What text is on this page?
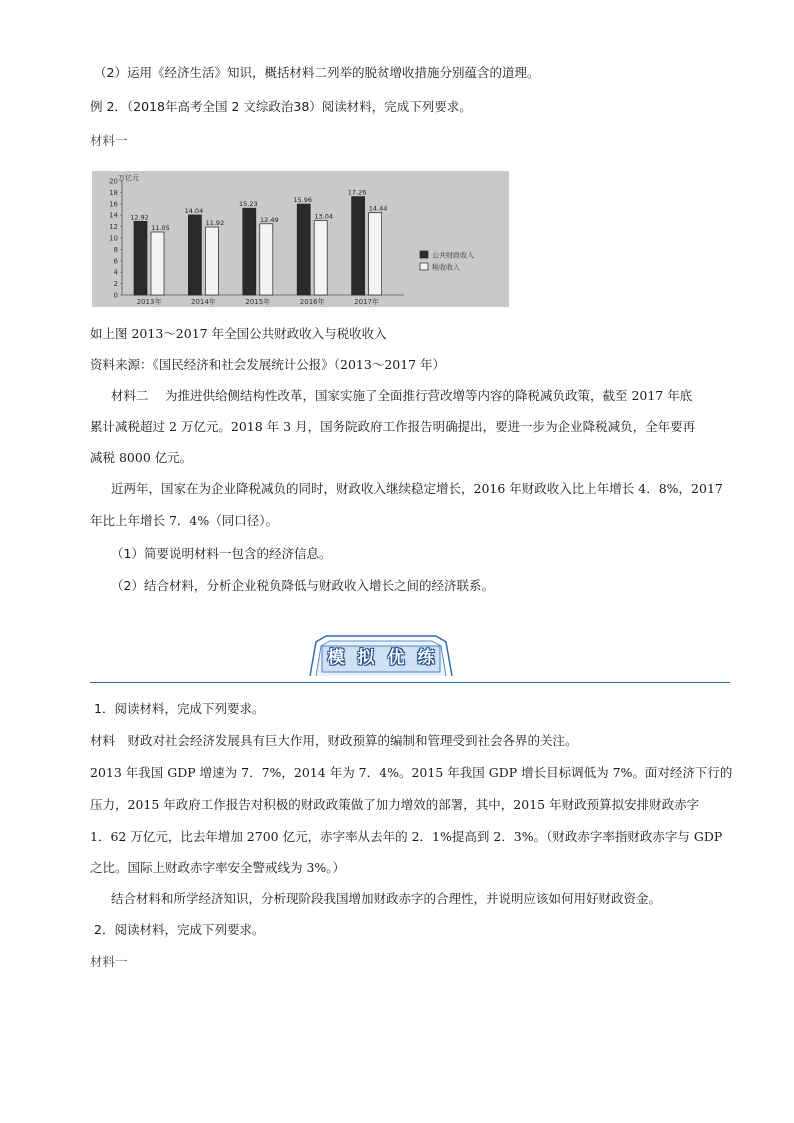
（2）运用《经济生活》知识，概括材料二列举的脱贫增收措施分别蕴含的道理。
例 2．（2018年高考全国 2 文综政治38）阅读材料，完成下列要求。
材料一
0
2
4
6
8
10
12
14
16
18
20 万亿元
12.92
11.05
2013年
14.04
11.92
2014年
15.23
12.49
2015年
15.96
13.04
2016年
17.26
14.44
2017年
公共财政收入
税收收入
如上图 2013～2017 年全国公共财政收入与税收收入
资料来源：《国民经济和社会发展统计公报》（2013～2017 年）
材料二　 为推进供给侧结构性改革，国家实施了全面推行营改增等内容的降税减负政策，截至 2017 年底
累计减税超过 2 万亿元。2018 年 3 月，国务院政府工作报告明确提出，要进一步为企业降税减负，全年要再
减税 8000 亿元。
近两年，国家在为企业降税减负的同时，财政收入继续稳定增长，2016 年财政收入比上年增长 4．8%，2017
年比上年增长 7．4%（同口径）。
（1）简要说明材料一包含的经济信息。
（2）结合材料，分析企业税负降低与财政收入增长之间的经济联系。
模 拟 优 练
1．阅读材料，完成下列要求。
材料　财政对社会经济发展具有巨大作用，财政预算的编制和管理受到社会各界的关注。
2013 年我国 GDP 增速为 7．7%，2014 年为 7．4%。2015 年我国 GDP 增长目标调低为 7%。面对经济下行的
压力，2015 年政府工作报告对积极的财政政策做了加力增效的部署，其中，2015 年财政预算拟安排财政赤字
1．62 万亿元，比去年增加 2700 亿元，赤字率从去年的 2．1%提高到 2．3%。（财政赤字率指财政赤字与 GDP
之比。国际上财政赤字率安全警戒线为 3%。）
结合材料和所学经济知识，分析现阶段我国增加财政赤字的合理性，并说明应该如何用好财政资金。
2．阅读材料，完成下列要求。
材料一
